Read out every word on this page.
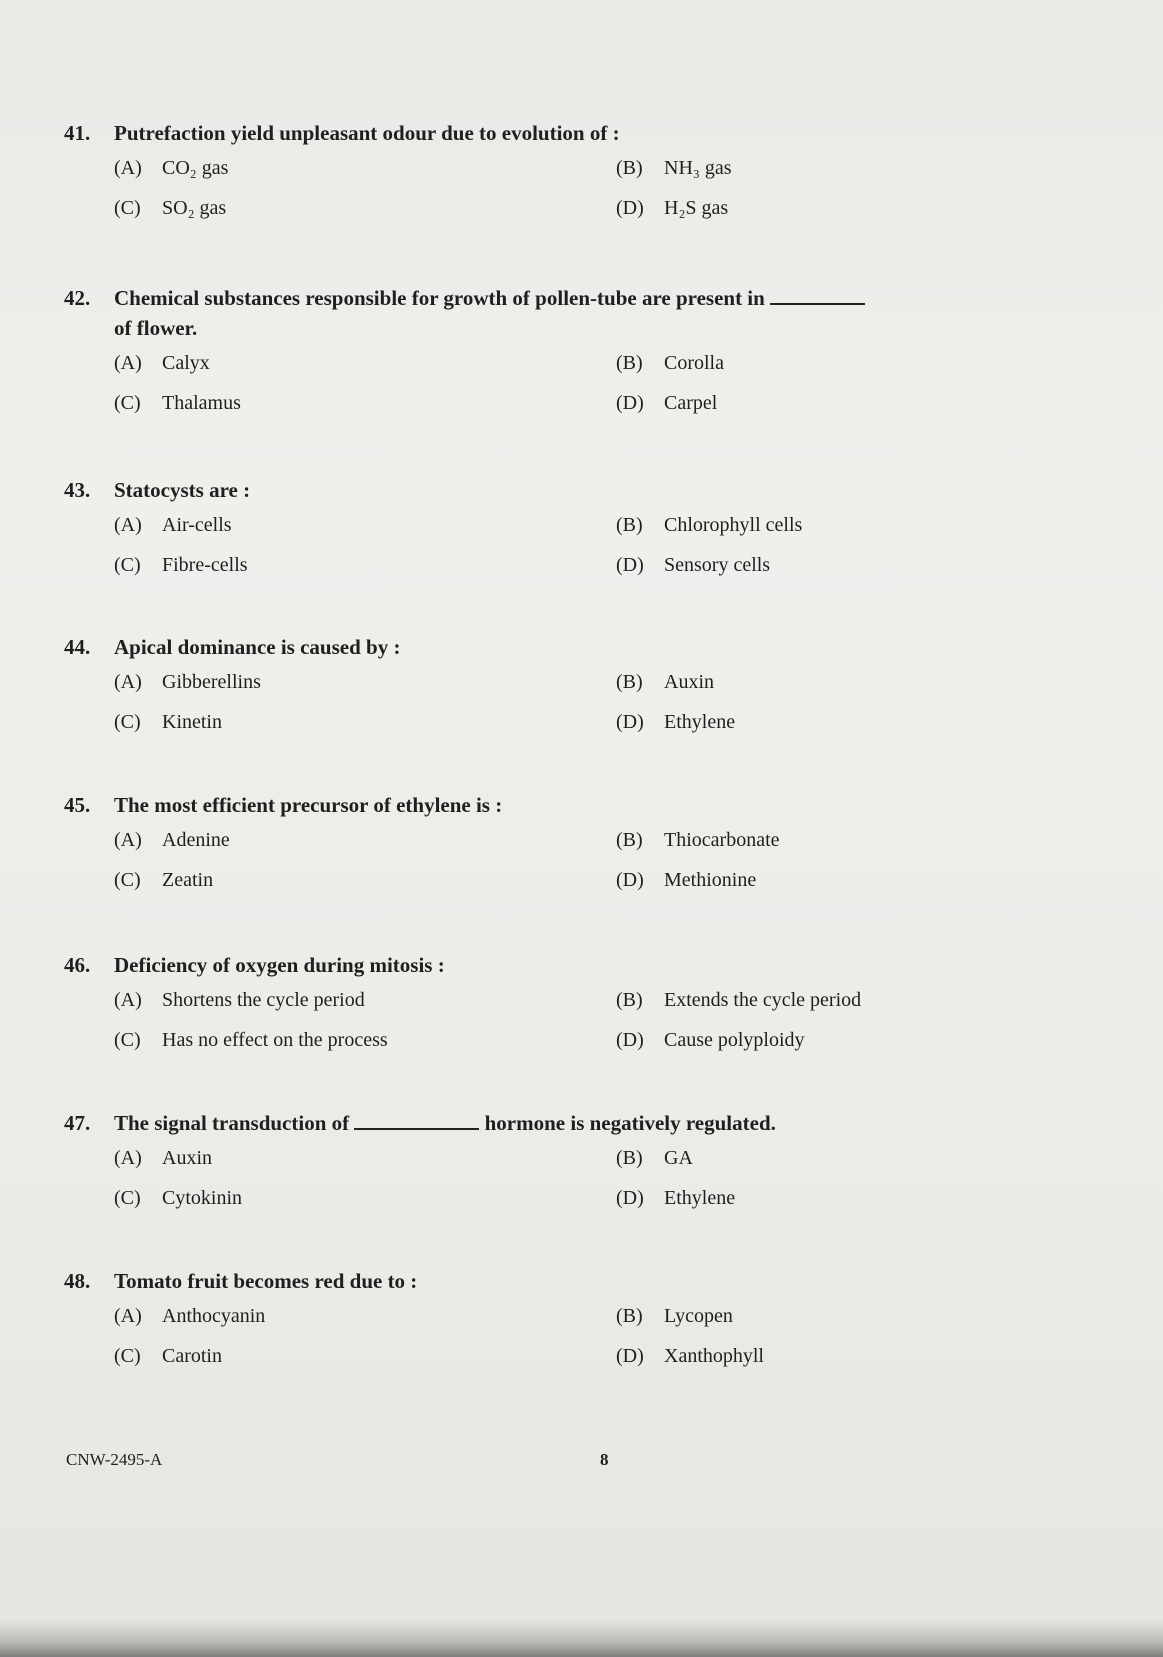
41.	Putrefaction yield unpleasant odour due to evolution of :
(A) CO₂ gas	(B) NH₃ gas
(C) SO₂ gas	(D) H₂S gas
42.	Chemical substances responsible for growth of pollen-tube are present in
of flower.
(A) Calyx	(B) Corolla
(C) Thalamus	(D) Carpel
43.	Statocysts are :
(A) Air-cells	(B) Chlorophyll cells
(C) Fibre-cells	(D) Sensory cells
44.	Apical dominance is caused by :
(A) Gibberellins	(B) Auxin
(C) Kinetin	(D) Ethylene
45.	The most efficient precursor of ethylene is :
(A) Adenine	(B) Thiocarbonate
(C) Zeatin	(D) Methionine
46.	Deficiency of oxygen during mitosis :
(A) Shortens the cycle period	(B) Extends the cycle period
(C) Has no effect on the process	(D) Cause polyploidy
47.	The signal transduction of	hormone is negatively regulated.
(A) Auxin	(B) GA
(C) Cytokinin	(D) Ethylene
48.	Tomato fruit becomes red due to :
(A) Anthocyanin	(B) Lycopen
(C) Carotin	(D) Xanthophyll
CNW-2495-A	8
